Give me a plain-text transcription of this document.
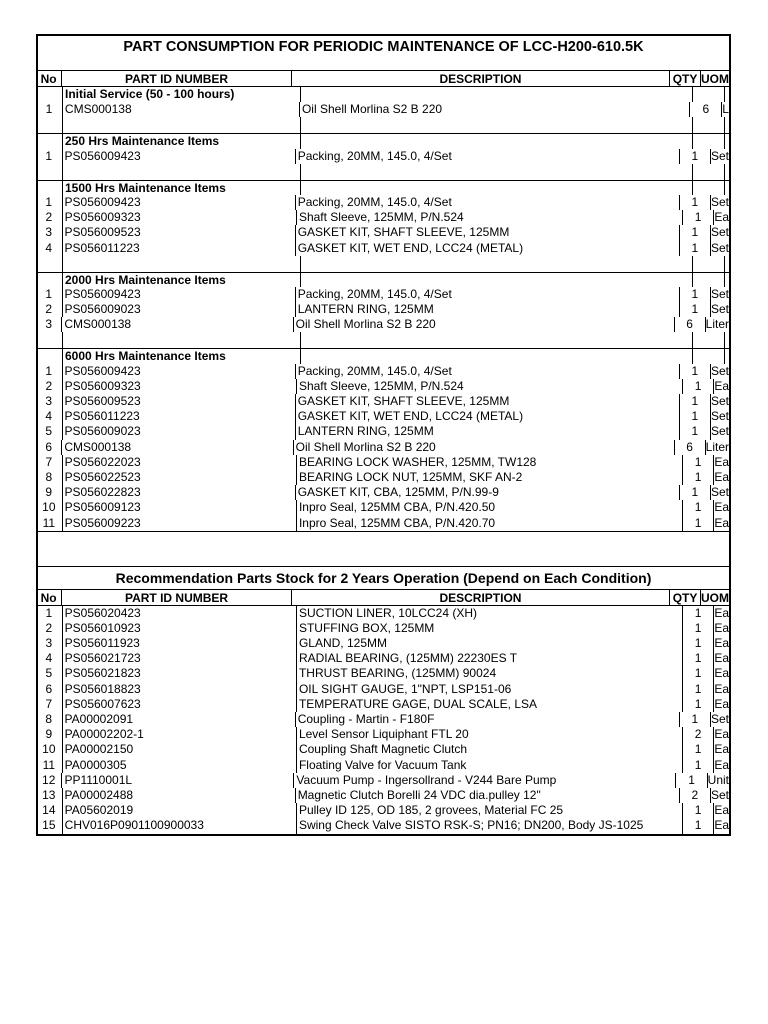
PART CONSUMPTION FOR PERIODIC MAINTENANCE OF LCC-H200-610.5K
No	PART ID NUMBER	DESCRIPTION	QTY UOM
Initial Service (50 - 100 hours)
1	CMS000138	Oil Shell Morlina S2 B 220	6	L
250 Hrs Maintenance Items
1	PS056009423	Packing, 20MM, 145.0, 4/Set	1	Set
1500 Hrs Maintenance Items
1	PS056009423	Packing, 20MM, 145.0, 4/Set	1	Set
2	PS056009323	Shaft Sleeve, 125MM, P/N.524	1	Ea
3	PS056009523	GASKET KIT, SHAFT SLEEVE, 125MM	1	Set
4	PS056011223	GASKET KIT, WET END, LCC24 (METAL)	1	Set
2000 Hrs Maintenance Items
1	PS056009423	Packing, 20MM, 145.0, 4/Set	1	Set
2	PS056009023	LANTERN RING, 125MM	1	Set
3	CMS000138	Oil Shell Morlina S2 B 220	6	Liter
6000 Hrs Maintenance Items
1	PS056009423	Packing, 20MM, 145.0, 4/Set	1	Set
2	PS056009323	Shaft Sleeve, 125MM, P/N.524	1	Ea
3	PS056009523	GASKET KIT, SHAFT SLEEVE, 125MM	1	Set
4	PS056011223	GASKET KIT, WET END, LCC24 (METAL)	1	Set
5	PS056009023	LANTERN RING, 125MM	1	Set
6	CMS000138	Oil Shell Morlina S2 B 220	6	Liter
7	PS056022023	BEARING LOCK WASHER, 125MM, TW128	1	Ea
8	PS056022523	BEARING LOCK NUT, 125MM, SKF AN-2	1	Ea
9	PS056022823	GASKET KIT, CBA, 125MM, P/N.99-9	1	Set
10 PS056009123	Inpro Seal, 125MM CBA, P/N.420.50	1	Ea
11 PS056009223	Inpro Seal, 125MM CBA, P/N.420.70	1	Ea
Recommendation Parts Stock for 2 Years Operation (Depend on Each Condition)
No	PART ID NUMBER	DESCRIPTION	QTY UOM
1	PS056020423	SUCTION LINER, 10LCC24 (XH)	1	Ea
2	PS056010923	STUFFING BOX, 125MM	1	Ea
3	PS056011923	GLAND, 125MM	1	Ea
4	PS056021723	RADIAL BEARING, (125MM) 22230ES T	1	Ea
5	PS056021823	THRUST BEARING, (125MM) 90024	1	Ea
6	PS056018823	OIL SIGHT GAUGE, 1"NPT, LSP151-06	1	Ea
7	PS056007623	TEMPERATURE GAGE, DUAL SCALE, LSA	1	Ea
8	PA00002091	Coupling - Martin - F180F	1	Set
9	PA00002202-1	Level Sensor Liquiphant FTL 20	2	Ea
10 PA00002150	Coupling Shaft Magnetic Clutch	1	Ea
11 PA0000305	Floating Valve for Vacuum Tank	1	Ea
12 PP1110001L	Vacuum Pump - Ingersollrand - V244 Bare Pump	1	Unit
13 PA00002488	Magnetic Clutch Borelli 24 VDC dia.pulley 12"	2	Set
14 PA05602019	Pulley ID 125, OD 185, 2 grovees, Material FC 25	1	Ea
15 CHV016P0901100900033	Swing Check Valve SISTO RSK-S; PN16; DN200, Body JS-1025	1	Ea
